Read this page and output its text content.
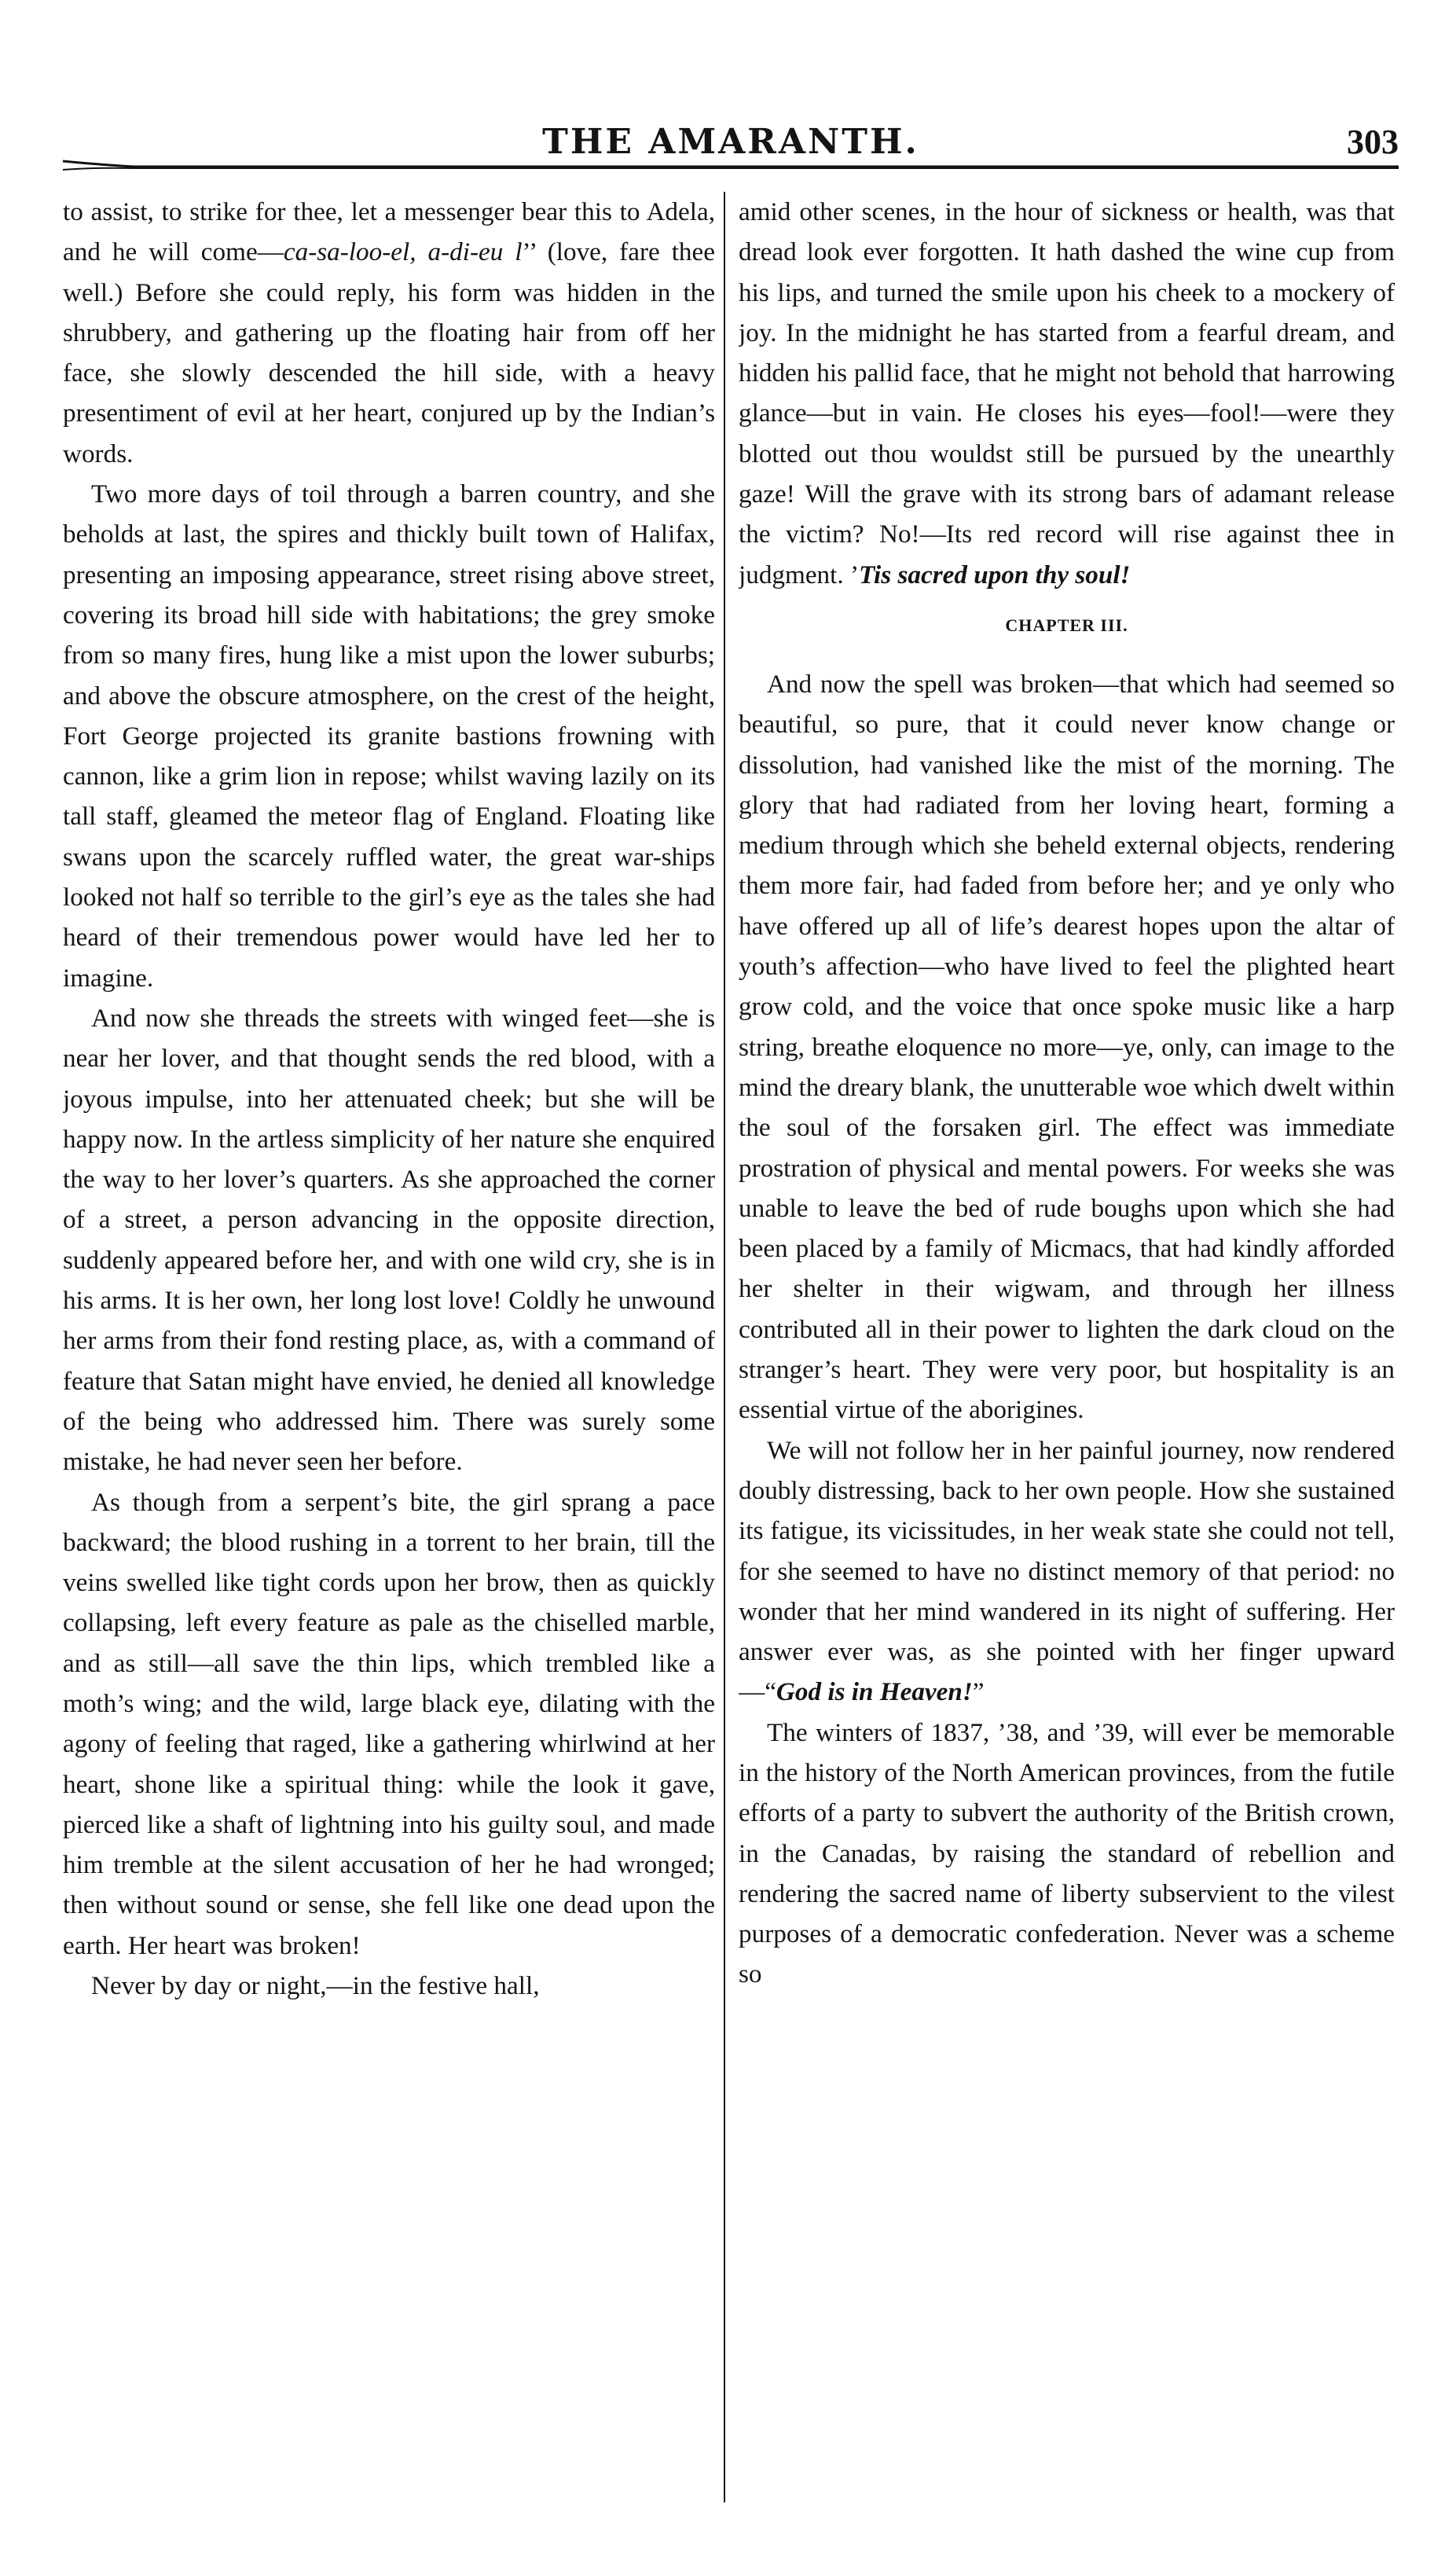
THE AMARANTH.	303

to assist, to strike for thee, let a messenger bear this to Adela, and he will come—ca-sa-loo-el, a-di-eu l’’ (love, fare thee well.) Before she could reply, his form was hidden in the shrubbery, and gathering up the floating hair from off her face, she slowly descended the hill side, with a heavy presentiment of evil at her heart, conjured up by the Indian’s words.

Two more days of toil through a barren country, and she beholds at last, the spires and thickly built town of Halifax, presenting an imposing appearance, street rising above street, covering its broad hill side with habitations; the grey smoke from so many fires, hung like a mist upon the lower suburbs; and above the obscure atmosphere, on the crest of the height, Fort George projected its granite bastions frowning with cannon, like a grim lion in repose; whilst waving lazily on its tall staff, gleamed the meteor flag of England. Floating like swans upon the scarcely ruffled water, the great war-ships looked not half so terrible to the girl’s eye as the tales she had heard of their tremendous power would have led her to imagine.

And now she threads the streets with winged feet—she is near her lover, and that thought sends the red blood, with a joyous impulse, into her attenuated cheek; but she will be happy now. In the artless simplicity of her nature she enquired the way to her lover’s quarters. As she approached the corner of a street, a person advancing in the opposite direction, suddenly appeared before her, and with one wild cry, she is in his arms. It is her own, her long lost love! Coldly he unwound her arms from their fond resting place, as, with a command of feature that Satan might have envied, he denied all knowledge of the being who addressed him. There was surely some mistake, he had never seen her before.

As though from a serpent’s bite, the girl sprang a pace backward; the blood rushing in a torrent to her brain, till the veins swelled like tight cords upon her brow, then as quickly collapsing, left every feature as pale as the chiselled marble, and as still—all save the thin lips, which trembled like a moth’s wing; and the wild, large black eye, dilating with the agony of feeling that raged, like a gathering whirlwind at her heart, shone like a spiritual thing: while the look it gave, pierced like a shaft of lightning into his guilty soul, and made him tremble at the silent accusation of her he had wronged; then without sound or sense, she fell like one dead upon the earth. Her heart was broken!

Never by day or night,—in the festive hall,

amid other scenes, in the hour of sickness or health, was that dread look ever forgotten. It hath dashed the wine cup from his lips, and turned the smile upon his cheek to a mockery of joy. In the midnight he has started from a fearful dream, and hidden his pallid face, that he might not behold that harrowing glance—but in vain. He closes his eyes—fool!—were they blotted out thou wouldst still be pursued by the unearthly gaze! Will the grave with its strong bars of adamant release the victim? No!—Its red record will rise against thee in judgment. ’Tis sacred upon thy soul!

CHAPTER III.

And now the spell was broken—that which had seemed so beautiful, so pure, that it could never know change or dissolution, had vanished like the mist of the morning. The glory that had radiated from her loving heart, forming a medium through which she beheld external objects, rendering them more fair, had faded from before her; and ye only who have offered up all of life’s dearest hopes upon the altar of youth’s affection—who have lived to feel the plighted heart grow cold, and the voice that once spoke music like a harp string, breathe eloquence no more—ye, only, can image to the mind the dreary blank, the unutterable woe which dwelt within the soul of the forsaken girl. The effect was immediate prostration of physical and mental powers. For weeks she was unable to leave the bed of rude boughs upon which she had been placed by a family of Micmacs, that had kindly afforded her shelter in their wigwam, and through her illness contributed all in their power to lighten the dark cloud on the stranger’s heart. They were very poor, but hospitality is an essential virtue of the aborigines.

We will not follow her in her painful journey, now rendered doubly distressing, back to her own people. How she sustained its fatigue, its vicissitudes, in her weak state she could not tell, for she seemed to have no distinct memory of that period: no wonder that her mind wandered in its night of suffering. Her answer ever was, as she pointed with her finger upward—“God is in Heaven!”

The winters of 1837, ’38, and ’39, will ever be memorable in the history of the North American provinces, from the futile efforts of a party to subvert the authority of the British crown, in the Canadas, by raising the standard of rebellion and rendering the sacred name of liberty subservient to the vilest purposes of a democratic confederation. Never was a scheme so
